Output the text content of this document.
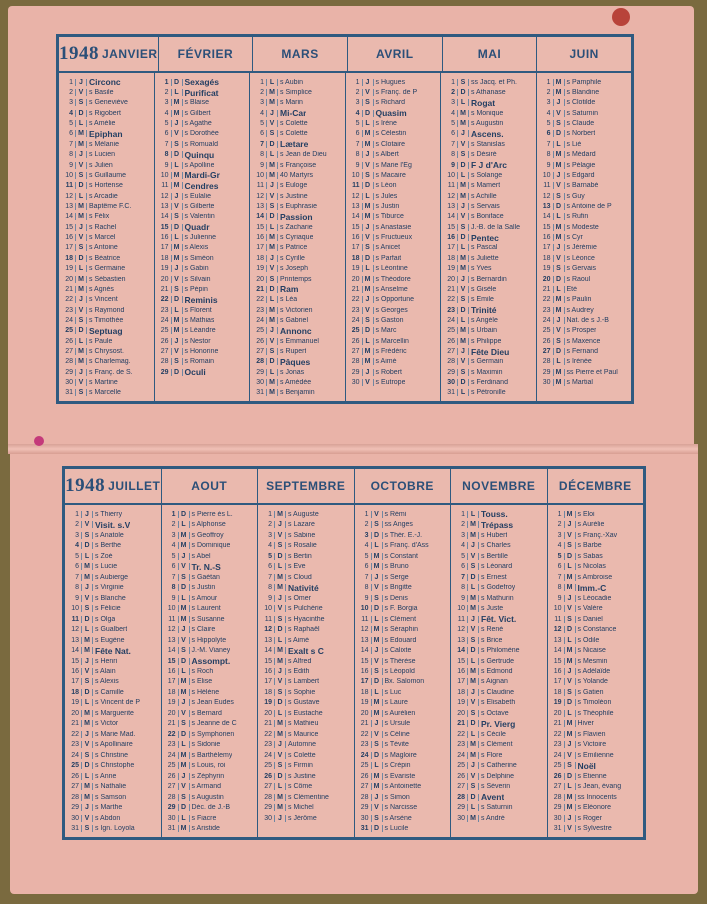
1948 JANVIER FÉVRIER	MARS	AVRIL	MAI	JUIN
1 J Circonc
2 V s Basile
3 S s Geneviève
4 D s Rigobert
5 L s Amélie
6 M Epiphan
7 M s Mélanie
8 J s Lucien
9 V s Julien
10 S s Guillaume
11 D s Hortense
12 L s Arcadie
13 M Baptême F.C.
14 M s Félix
15 J s Rachel
16 V s Marcel
17 S s Antoine
18 D s Béatrice
19 L s Germaine
20 M s Sébastien
21 M s Agnès
22 J s Vincent
23 V s Raymond
24 S s Timothée
25 D Septuag
26 L s Paule
27 M s Chrysost.
28 M s Charlemag.
29 J s Franç. de S.
30 V s Martine
31 S s Marcelle
1 D Sexagés
2 L Purificat
3 M s Blaise
4 M s Gilbert
5 J s Agathe
6 V s Dorothée
7 S s Romuald
8 D Quinqu
9 L s Apolline
10 M Mardi-Gr
11 M Cendres
12 J s Eulalie
13 V s Gilberte
14 S s Valentin
15 D Quadr
16 L s Julienne
17 M s Alexis
18 M s Siméon
19 J s Gabin
20 V s Silvain
21 S s Pépin
22 D Reminis
23 L s Florent
24 M s Mathias
25 M s Léandre
26 J s Nestor
27 V s Honorine
28 S s Romain
29 D Oculi
1 L s Aubin
2 M s Simplice
3 M s Marin
4 J Mi-Car
5 V s Colette
6 S s Colette
7 D Lætare
8 L s Jean de Dieu
9 M s Françoise
10 M 40 Martyrs
11 J s Euloge
12 V s Justine
13 S s Euphrasie
14 D Passion
15 L s Zacharie
16 M s Cyriaque
17 M s Patrice
18 J s Cyrille
19 V s Joseph
20 S Printemps
21 D Ram
22 L s Léa
23 M s Victorien
24 M s Gabriel
25 J Annonc
26 V s Emmanuel
27 S s Rupert
28 D Pâques
29 L s Jonas
30 M s Amédée
31 M s Benjamin
1 J s Hugues
2 V s Franç. de P
3 S s Richard
4 D Quasim
5 L s Irène
6 M s Célestin
7 M s Clotaire
8 J s Albert
9 V s Marie l'Ég
10 S s Macaire
11 D s Léon
12 L s Jules
13 M s Justin
14 M s Tiburce
15 J s Anastasie
16 V s Fructueux
17 S s Anicet
18 D s Parfait
19 L s Léontine
20 M s Théodore
21 M s Anselme
22 J s Opportune
23 V s Georges
24 S s Gaston
25 D s Marc
26 L s Marcellin
27 M s Frédéric
28 M s Aimé
29 J s Robert
30 V s Eutrope
1 S ss Jacq. et Ph.
2 D s Athanase
3 L Rogat
4 M s Monique
5 M s Augustin
6 J Ascens.
7 V s Stanislas
8 S s Désiré
9 D F J d'Arc
10 L s Solange
11 M s Mamert
12 M s Achille
13 J s Servais
14 V s Boniface
15 S J.-B. de la Salle
16 D Pentec
17 L s Pascal
18 M s Juliette
19 M s Yves
20 J s Bernardin
21 V s Gisèle
22 S s Emile
23 D Trinité
24 L s Angèle
25 M s Urbain
26 M s Philippe
27 J Fête Dieu
28 V s Germain
29 S s Maximin
30 D s Ferdinand
31 L s Pétronille
1 M s Pamphile
2 M s Blandine
3 J s Clotilde
4 V s Saturnin
5 S s Claude
6 D s Norbert
7 L s Lié
8 M s Médard
9 M s Pélagie
10 J s Edgard
11 V s Barnabé
12 S s Guy
13 D s Antoine de P
14 L s Rufin
15 M s Modeste
16 M s Cyr
17 J s Jérémie
18 V s Léonce
19 S s Gervais
20 D s Raoul
21 L Eté
22 M s Paulin
23 M s Audrey
24 J Nat. de s J.-B
25 V s Prosper
26 S s Maxence
27 D s Fernand
28 L s Irénée
29 M ss Pierre et Paul
30 M s Martial
1948 JUILLET	AOUT	SEPTEMBRE OCTOBRE NOVEMBRE DÉCEMBRE
1 J s Thierry
2 V Visit. s.V
3 S s Anatole
4 D s Berthe
5 L s Zoé
6 M s Lucie
7 M s Aubierge
8 J s Virginie
9 V s Blanche
10 S s Félicie
11 D s Olga
12 L s Gualbert
13 M s Eugène
14 M Fête Nat.
15 J s Henri
16 V s Alain
17 S s Alexis
18 D s Camille
19 L s Vincent de P
20 M s Marguerite
21 M s Victor
22 J s Marie Mad.
23 V s Apollinaire
24 S s Christine
25 D s Christophe
26 L s Anne
27 M s Nathalie
28 M s Samson
29 J s Marthe
30 V s Abdon
31 S s Ign. Loyola
1 D s Pierre ès L.
2 L s Alphonse
3 M s Geoffroy
4 M s Dominique
5 J s Abel
6 V Tr. N.-S
7 S s Gaétan
8 D s Justin
9 L s Amour
10 M s Laurent
11 M s Susanne
12 J s Claire
13 V s Hippolyte
14 S J.-M. Vianey
15 D Assompt.
16 L s Roch
17 M s Elise
18 M s Hélène
19 J s Jean Eudes
20 V s Bernard
21 S s Jeanne de C
22 D s Symphorien
23 L s Sidonie
24 M s Barthélemy
25 M s Louis, roi
26 J s Zéphyrin
27 V s Armand
28 S s Augustin
29 D Déc. de J.-B
30 L s Fiacre
31 M s Aristide
1 M s Auguste
2 J s Lazare
3 V s Sabine
4 S s Rosalie
5 D s Bertin
6 L s Eve
7 M s Cloud
8 M Nativité
9 J s Omer
10 V s Pulchérie
11 S s Hyacinthe
12 D s Raphaël
13 L s Aimé
14 M Exalt s C
15 M s Alfred
16 J s Edith
17 V s Lambert
18 S s Sophie
19 D s Gustave
20 L s Eustache
21 M s Mathieu
22 M s Maurice
23 J Automne
24 V s Colette
25 S s Firmin
26 D s Justine
27 L s Côme
28 M s Clémentine
29 M s Michel
30 J s Jérôme
1 V s Rémi
2 S ss Anges
3 D s Thér. E.-J.
4 L s Franç. d'Ass
5 M s Constant
6 M s Bruno
7 J s Serge
8 V s Brigitte
9 S s Denis
10 D s F. Borgia
11 L s Clément
12 M s Séraphin
13 M s Edouard
14 J s Calixte
15 V s Thérèse
16 S s Léopold
17 D Bx. Salomon
18 L s Luc
19 M s Laure
20 M s Aurélien
21 J s Ursule
22 V s Céline
23 S s Tévite
24 D s Magloire
25 L s Crépin
26 M s Evariste
27 M s Antoinette
28 J s Simon
29 V s Narcisse
30 S s Arsène
31 D s Lucile
1 L Touss.
2 M Trépass
3 M s Hubert
4 J s Charles
5 V s Bertille
6 S s Léonard
7 D s Ernest
8 L s Godefroy
9 M s Mathurin
10 M s Juste
11 J Fêt. Vict.
12 V s René
13 S s Brice
14 D s Philomène
15 L s Gertrude
16 M s Edmond
17 M s Aignan
18 J s Claudine
19 V s Elisabeth
20 S s Octave
21 D Pr. Vierg
22 L s Cécile
23 M s Clément
24 M s Flore
25 J s Catherine
26 V s Delphine
27 S s Séverin
28 D Avent
29 L s Saturnin
30 M s André
1 M s Eloi
2 J s Aurélie
3 V s Franç.-Xav
4 S s Barbe
5 D s Sabas
6 L s Nicolas
7 M s Ambroise
8 M Imm.-C
9 J s Léocadie
10 V s Valère
11 S s Daniel
12 D s Constance
13 L s Odile
14 M s Nicaise
15 M s Mesmin
16 J s Adélaïde
17 V s Yolande
18 S s Gatien
19 D s Timoléon
20 L s Théophile
21 M Hiver
22 M s Flavien
23 J s Victoire
24 V s Emilienne
25 S Noël
26 D s Etienne
27 L s Jean, évang
28 M ss Innocents
29 M s Eléonore
30 J s Roger
31 V s Sylvestre
